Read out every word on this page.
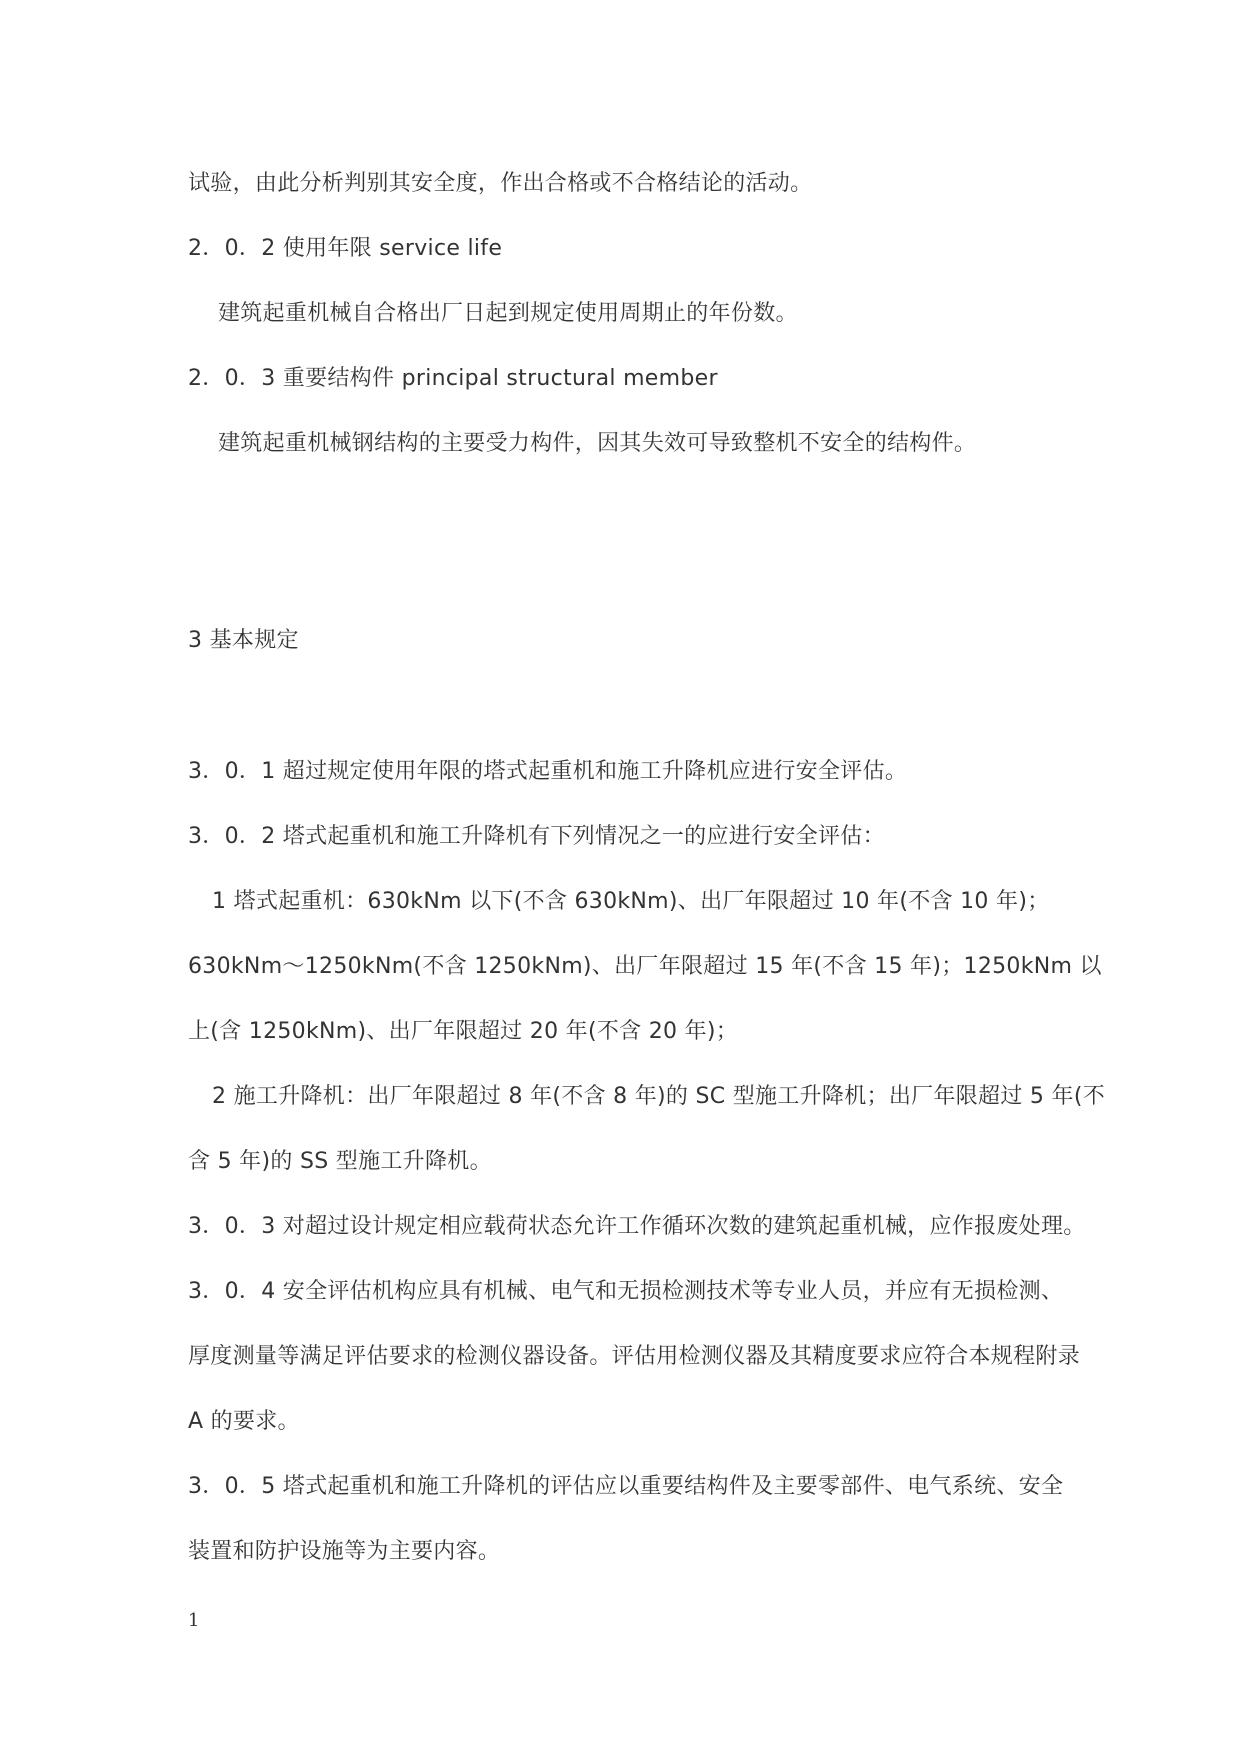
试验，由此分析判别其安全度，作出合格或不合格结论的活动。
2．0．2 使用年限 service life
建筑起重机械自合格出厂日起到规定使用周期止的年份数。
2．0．3 重要结构件 principal structural member
建筑起重机械钢结构的主要受力构件，因其失效可导致整机不安全的结构件。
3 基本规定
3．0．1 超过规定使用年限的塔式起重机和施工升降机应进行安全评估。
3．0．2 塔式起重机和施工升降机有下列情况之一的应进行安全评估：
1 塔式起重机：630kNm 以下(不含 630kNm)、出厂年限超过 10 年(不含 10 年)；
630kNm～1250kNm(不含 1250kNm)、出厂年限超过 15 年(不含 15 年)；1250kNm 以
上(含 1250kNm)、出厂年限超过 20 年(不含 20 年)；
2 施工升降机：出厂年限超过 8 年(不含 8 年)的 SC 型施工升降机；出厂年限超过 5 年(不
含 5 年)的 SS 型施工升降机。
3．0．3 对超过设计规定相应载荷状态允许工作循环次数的建筑起重机械，应作报废处理。
3．0．4 安全评估机构应具有机械、电气和无损检测技术等专业人员，并应有无损检测、
厚度测量等满足评估要求的检测仪器设备。评估用检测仪器及其精度要求应符合本规程附录
A 的要求。
3．0．5 塔式起重机和施工升降机的评估应以重要结构件及主要零部件、电气系统、安全
装置和防护设施等为主要内容。
1
